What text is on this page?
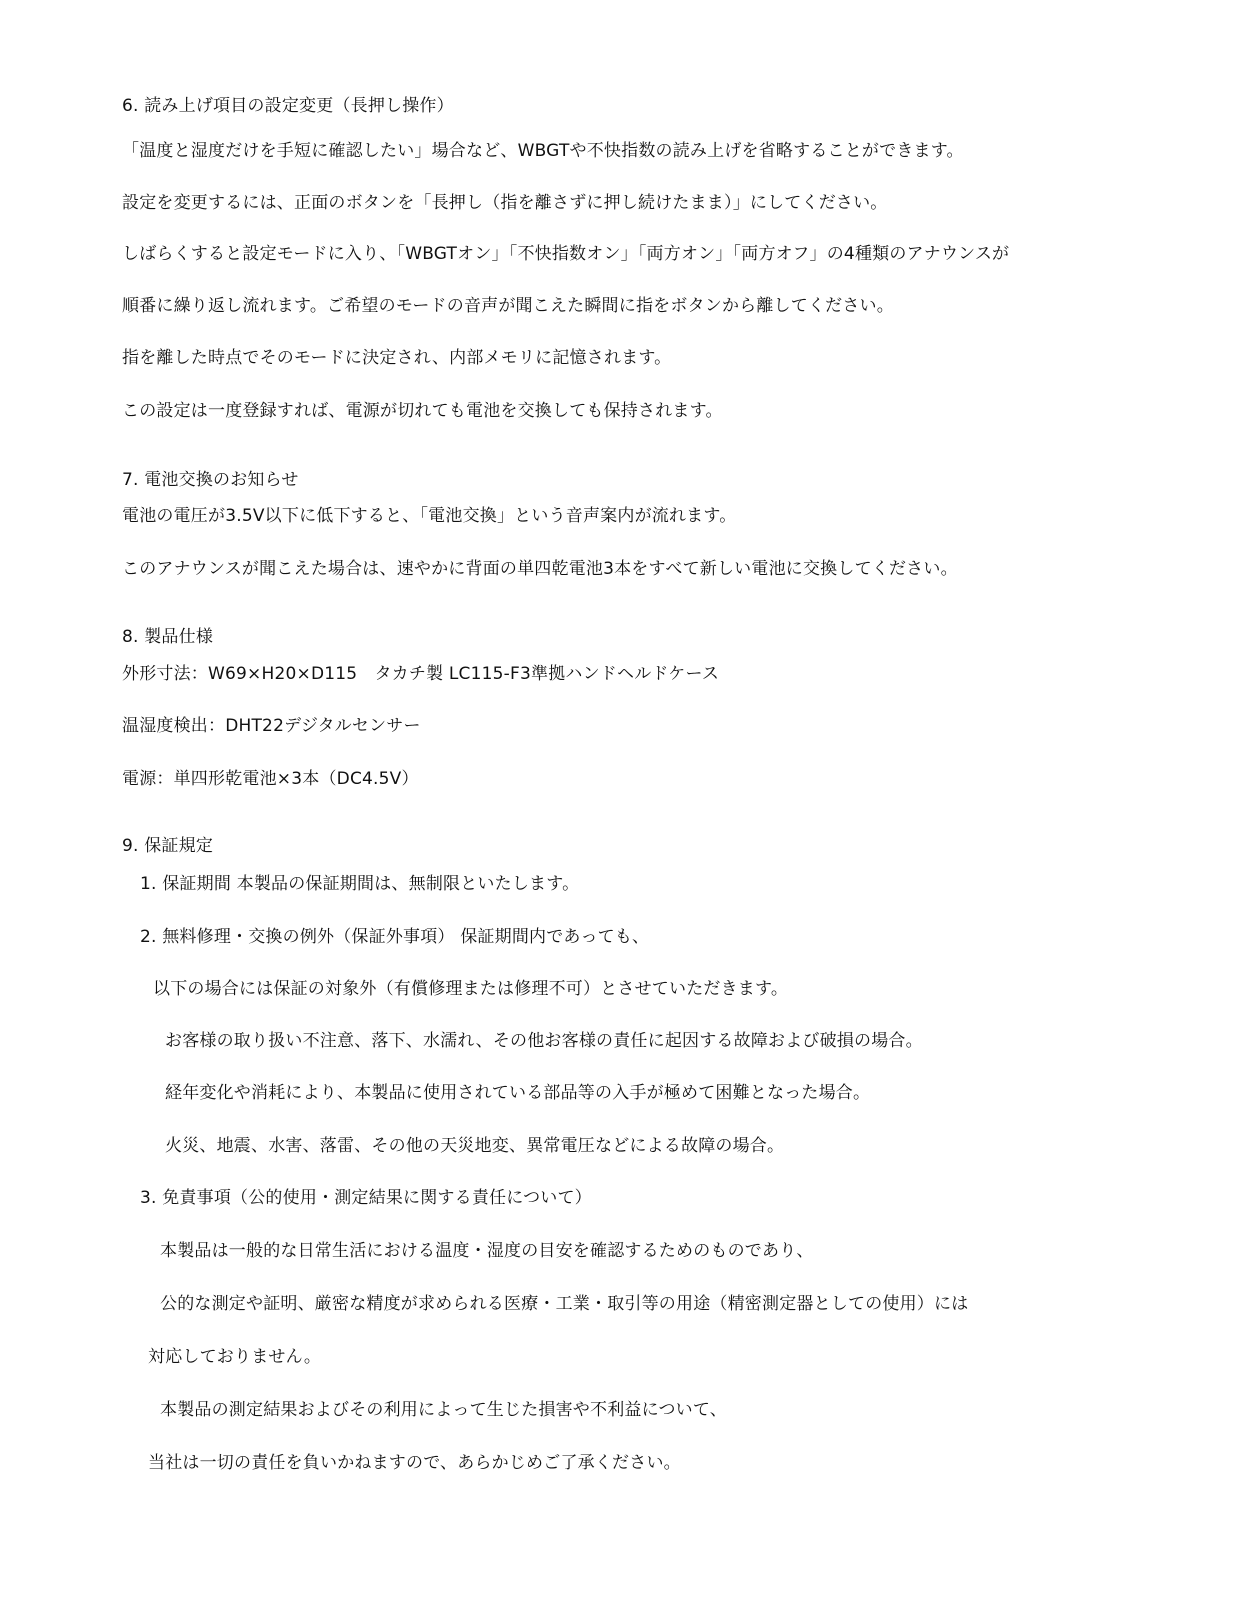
6. 読み上げ項目の設定変更（長押し操作）
「温度と湿度だけを手短に確認したい」場合など、WBGTや不快指数の読み上げを省略することができます。
設定を変更するには、正面のボタンを「長押し（指を離さずに押し続けたまま）」にしてください。
しばらくすると設定モードに入り、「WBGTオン」「不快指数オン」「両方オン」「両方オフ」の4種類のアナウンスが
順番に繰り返し流れます。ご希望のモードの音声が聞こえた瞬間に指をボタンから離してください。
指を離した時点でそのモードに決定され、内部メモリに記憶されます。
この設定は一度登録すれば、電源が切れても電池を交換しても保持されます。
7. 電池交換のお知らせ
電池の電圧が3.5V以下に低下すると、「電池交換」という音声案内が流れます。
このアナウンスが聞こえた場合は、速やかに背面の単四乾電池3本をすべて新しい電池に交換してください。
8. 製品仕様
外形寸法：W69×H20×D115　タカチ製 LC115-F3準拠ハンドヘルドケース
温湿度検出：DHT22デジタルセンサー
電源：単四形乾電池×3本（DC4.5V）
9. 保証規定
1. 保証期間 本製品の保証期間は、無制限といたします。
2. 無料修理・交換の例外（保証外事項） 保証期間内であっても、
以下の場合には保証の対象外（有償修理または修理不可）とさせていただきます。
お客様の取り扱い不注意、落下、水濡れ、その他お客様の責任に起因する故障および破損の場合。
経年変化や消耗により、本製品に使用されている部品等の入手が極めて困難となった場合。
火災、地震、水害、落雷、その他の天災地変、異常電圧などによる故障の場合。
3. 免責事項（公的使用・測定結果に関する責任について）
本製品は一般的な日常生活における温度・湿度の目安を確認するためのものであり、
公的な測定や証明、厳密な精度が求められる医療・工業・取引等の用途（精密測定器としての使用）には
対応しておりません。
本製品の測定結果およびその利用によって生じた損害や不利益について、
当社は一切の責任を負いかねますので、あらかじめご了承ください。
